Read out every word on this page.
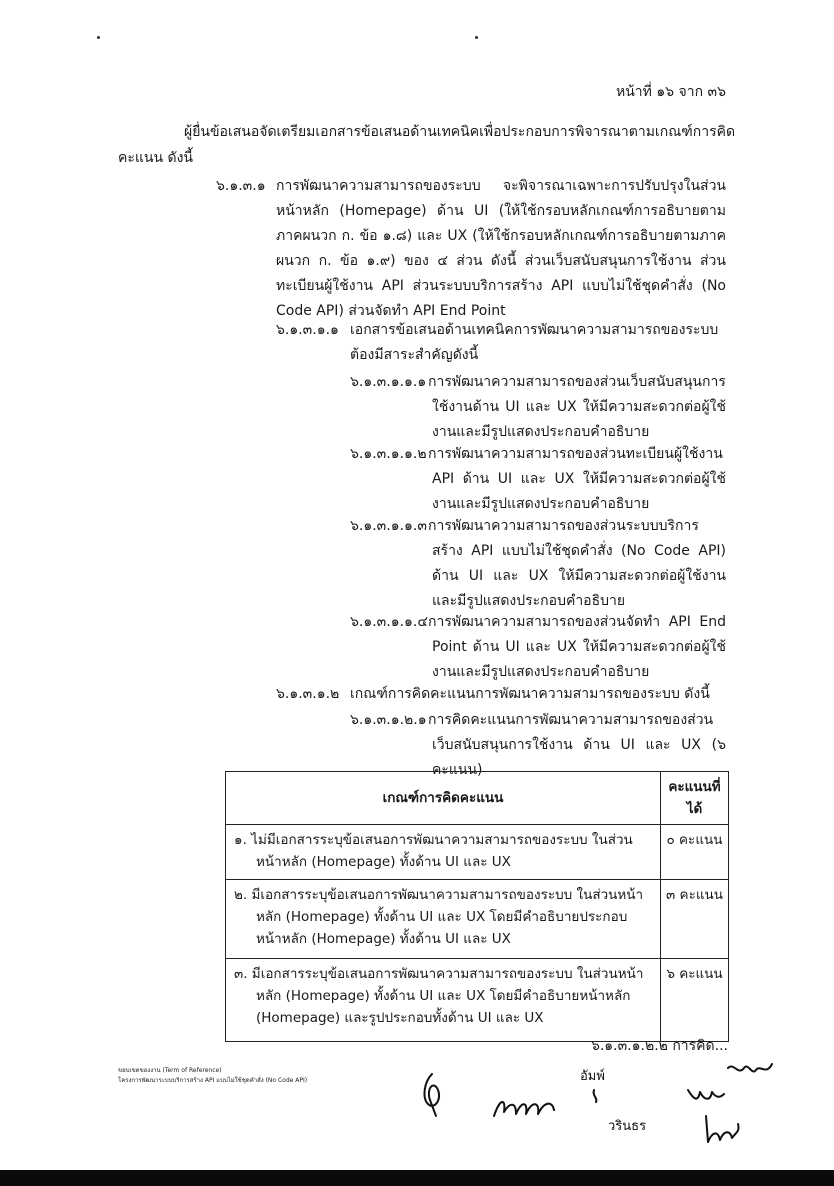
หน้าที่ ๑๖ จาก ๓๖
ผู้ยื่นข้อเสนอจัดเตรียมเอกสารข้อเสนอด้านเทคนิคเพื่อประกอบการพิจารณาตามเกณฑ์การคิด
คะแนน ดังนี้
๖.๑.๓.๑ การพัฒนาความสามารถของระบบ จะพิจารณาเฉพาะการปรับปรุงในส่วนหน้าหลัก (Homepage) ด้าน UI (ให้ใช้กรอบหลักเกณฑ์การอธิบายตามภาคผนวก ก. ข้อ ๑.๘) และ UX (ให้ใช้กรอบหลักเกณฑ์การอธิบายตามภาคผนวก ก. ข้อ ๑.๙) ของ ๔ ส่วน ดังนี้ ส่วนเว็บสนับสนุนการใช้งาน ส่วนทะเบียนผู้ใช้งาน API ส่วนระบบบริการสร้าง API แบบไม่ใช้ชุดคำสั่ง (No Code API) ส่วนจัดทำ API End Point
๖.๑.๓.๑.๑ เอกสารข้อเสนอด้านเทคนิคการพัฒนาความสามารถของระบบต้องมีสาระสำคัญดังนี้
๖.๑.๓.๑.๑.๑ การพัฒนาความสามารถของส่วนเว็บสนับสนุนการใช้งานด้าน UI และ UX ให้มีความสะดวกต่อผู้ใช้งานและมีรูปแสดงประกอบคำอธิบาย
๖.๑.๓.๑.๑.๒ การพัฒนาความสามารถของส่วนทะเบียนผู้ใช้งาน API ด้าน UI และ UX ให้มีความสะดวกต่อผู้ใช้งานและมีรูปแสดงประกอบคำอธิบาย
๖.๑.๓.๑.๑.๓ การพัฒนาความสามารถของส่วนระบบบริการสร้าง API แบบไม่ใช้ชุดคำสั่ง (No Code API) ด้าน UI และ UX ให้มีความสะดวกต่อผู้ใช้งานและมีรูปแสดงประกอบคำอธิบาย
๖.๑.๓.๑.๑.๔ การพัฒนาความสามารถของส่วนจัดทำ API End Point ด้าน UI และ UX ให้มีความสะดวกต่อผู้ใช้งานและมีรูปแสดงประกอบคำอธิบาย
๖.๑.๓.๑.๒ เกณฑ์การคิดคะแนนการพัฒนาความสามารถของระบบ ดังนี้
๖.๑.๓.๑.๒.๑ การคิดคะแนนการพัฒนาความสามารถของส่วนเว็บสนับสนุนการใช้งาน ด้าน UI และ UX (๖ คะแนน)
เกณฑ์การคิดคะแนน	คะแนนที่ได้
๑. ไม่มีเอกสารระบุข้อเสนอการพัฒนาความสามารถของระบบ ในส่วนหน้าหลัก (Homepage) ทั้งด้าน UI และ UX	๐ คะแนน
๒. มีเอกสารระบุข้อเสนอการพัฒนาความสามารถของระบบ ในส่วนหน้าหลัก (Homepage) ทั้งด้าน UI และ UX โดยมีคำอธิบายประกอบหน้าหลัก (Homepage) ทั้งด้าน UI และ UX	๓ คะแนน
๓. มีเอกสารระบุข้อเสนอการพัฒนาความสามารถของระบบ ในส่วนหน้าหลัก (Homepage) ทั้งด้าน UI และ UX โดยมีคำอธิบายหน้าหลัก (Homepage) และรูปประกอบทั้งด้าน UI และ UX	๖ คะแนน
๖.๑.๓.๑.๒.๒ การคิด...
ขอบเขตของงาน (Term of Reference)
โครงการพัฒนาระบบบริการสร้าง API แบบไม่ใช้ชุดคำสั่ง (No Code API)	อัมพ์
วรินธร
